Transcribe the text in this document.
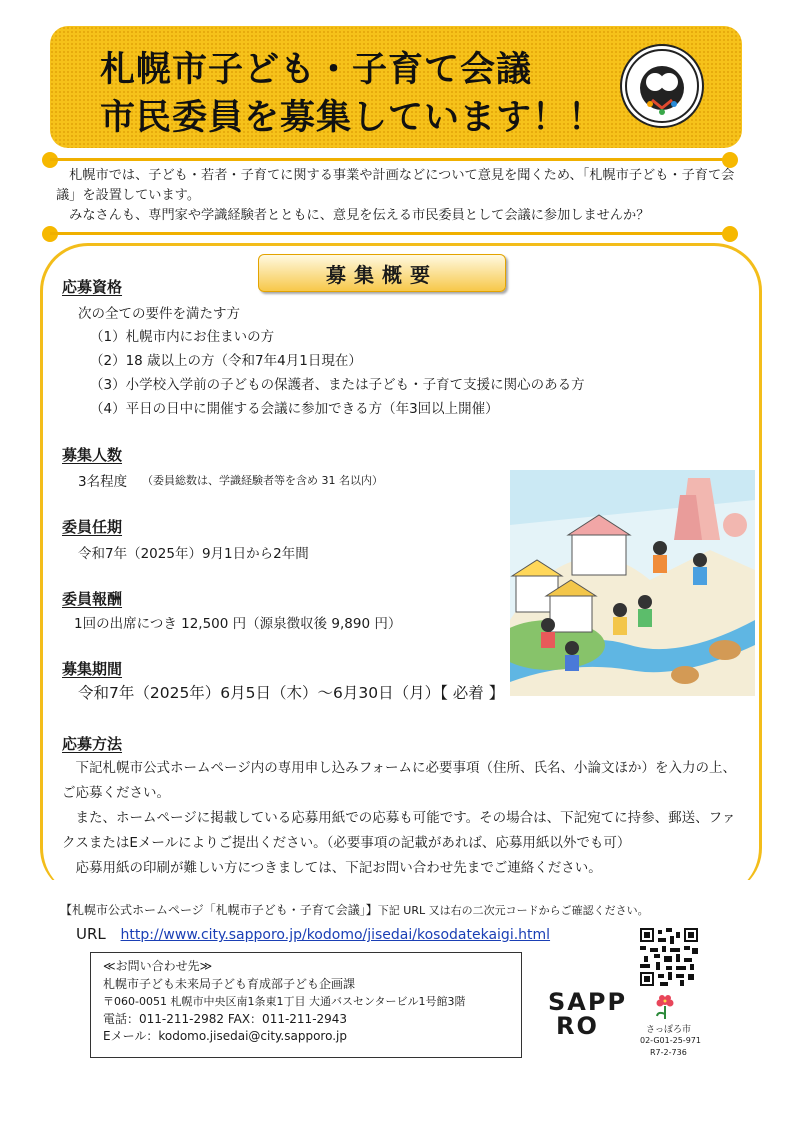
札幌市子ども・子育て会議
市民委員を募集しています！！

　札幌市では、子ども・若者・子育てに関する事業や計画などについて意見を聞くため、「札幌市子ども・子育て会議」を設置しています。

　みなさんも、専門家や学識経験者とともに、意見を伝える市民委員として会議に参加しませんか？

募集概要
応募資格
次の全ての要件を満たす方
（1）札幌市内にお住まいの方
（2）18 歳以上の方（令和7年4月1日現在）
（3）小学校入学前の子どもの保護者、または子ども・子育て支援に関心のある方
（4）平日の日中に開催する会議に参加できる方（年3回以上開催）
募集人数
3名程度 （委員総数は、学識経験者等を含め 31 名以内）
委員任期
令和7年（2025年）9月1日から2年間
委員報酬
1回の出席につき 12,500 円（源泉徴収後 9,890 円）
募集期間
令和7年（2025年）6月5日（木）～6月30日（月）【 必着 】
応募方法
　下記札幌市公式ホームページ内の専用申し込みフォームに必要事項（住所、氏名、小論文ほか）を入力の上、ご応募ください。
　また、ホームページに掲載している応募用紙での応募も可能です。その場合は、下記宛てに持参、郵送、ファクスまたはEメールによりご提出ください。（必要事項の記載があれば、応募用紙以外でも可）
　応募用紙の印刷が難しい方につきましては、下記お問い合わせ先までご連絡ください。
【札幌市公式ホームページ「札幌市子ども・子育て会議」】下記 URL 又は右の二次元コードからご確認ください。
URL http://www.city.sapporo.jp/kodomo/jisedai/kosodatekaigi.html
≪お問い合わせ先≫
札幌市子ども未来局子ども育成部子ども企画課
〒060-0051 札幌市中央区南1条東1丁目 大通バスセンタービル1号館3階
電話：011-211-2982 FAX：011-211-2943
Eメール：kodomo.jisedai@city.sapporo.jp
SAPP
RO	さっぽろ市
02-G01-25-971
R7-2-736
